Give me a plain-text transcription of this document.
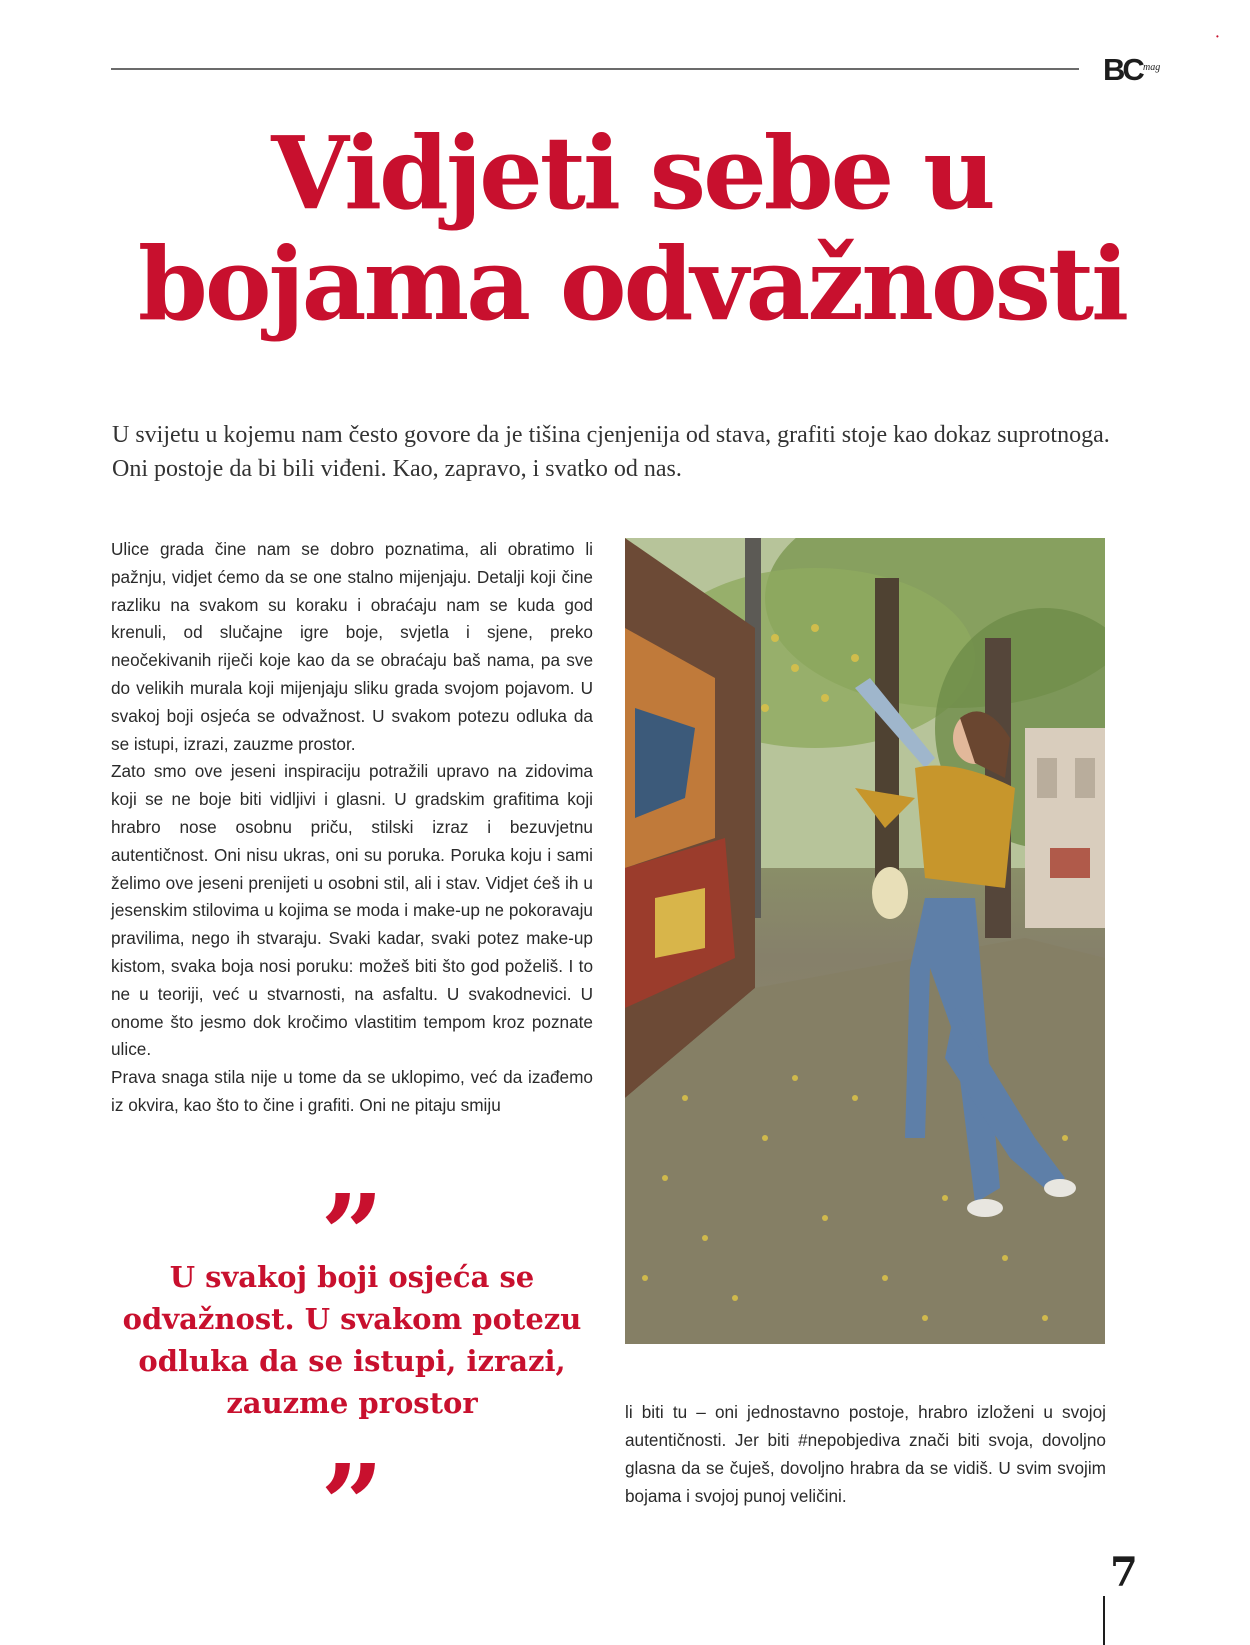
BC mag
•
Vidjeti sebe u bojama odvažnosti

U svijetu u kojemu nam često govore da je tišina cjenjenija od stava, grafiti stoje kao dokaz suprotnoga. Oni postoje da bi bili viđeni. Kao, zapravo, i svatko od nas.

Ulice grada čine nam se dobro poznatima, ali obratimo li pažnju, vidjet ćemo da se one stalno mijenjaju. Detalji koji čine razliku na svakom su koraku i obraćaju nam se kuda god krenuli, od slučajne igre boje, svjetla i sjene, preko neočekivanih riječi koje kao da se obraćaju baš nama, pa sve do velikih murala koji mijenjaju sliku grada svojom pojavom. U svakoj boji osjeća se odvažnost. U svakom potezu odluka da se istupi, izrazi, zauzme prostor.

Zato smo ove jeseni inspiraciju potražili upravo na zidovima koji se ne boje biti vidljivi i glasni. U gradskim grafitima koji hrabro nose osobnu priču, stilski izraz i bezuvjetnu autentičnost. Oni nisu ukras, oni su poruka. Poruka koju i sami želimo ove jeseni prenijeti u osobni stil, ali i stav. Vidjet ćeš ih u jesenskim stilovima u kojima se moda i make-up ne pokoravaju pravilima, nego ih stvaraju. Svaki kadar, svaki potez make-up kistom, svaka boja nosi poruku: možeš biti što god poželiš. I to ne u teoriji, već u stvarnosti, na asfaltu. U svakodnevici. U onome što jesmo dok kročimo vlastitim tempom kroz poznate ulice.

Prava snaga stila nije u tome da se uklopimo, već da izađemo iz okvira, kao što to čine i grafiti. Oni ne pitaju smiju

”

U svakoj boji osjeća se odvažnost. U svakom potezu odluka da se istupi, izrazi, zauzme prostor

”

li biti tu – oni jednostavno postoje, hrabro izloženi u svojoj autentičnosti. Jer biti #nepobjediva znači biti svoja, dovoljno glasna da se čuješ, dovoljno hrabra da se vidiš. U svim svojim bojama i svojoj punoj veličini.

7
